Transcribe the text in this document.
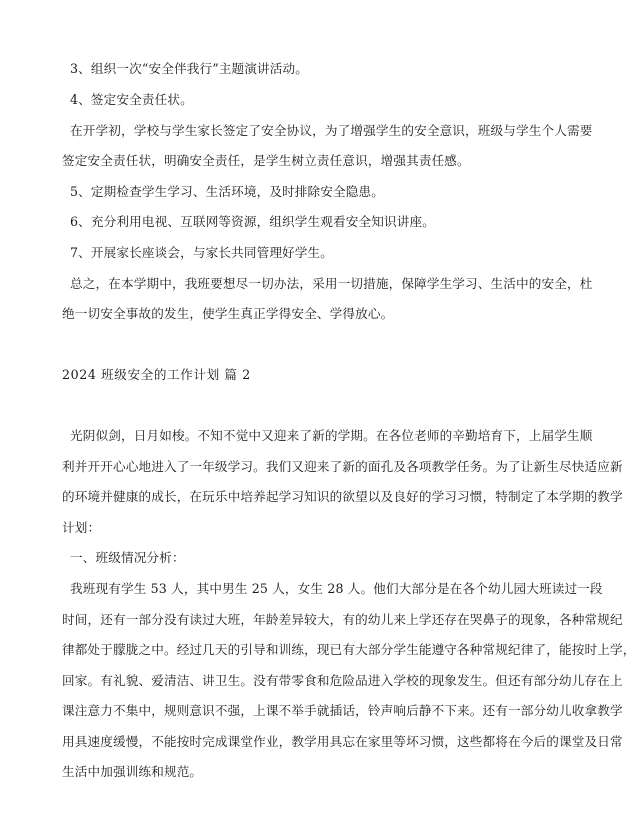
3、组织一次“安全伴我行”主题演讲活动。
4、签定安全责任状。
在开学初，学校与学生家长签定了安全协议，为了增强学生的安全意识，班级与学生个人需要
签定安全责任状，明确安全责任，是学生树立责任意识，增强其责任感。
5、定期检查学生学习、生活环境，及时排除安全隐患。
6、充分利用电视、互联网等资源，组织学生观看安全知识讲座。
7、开展家长座谈会，与家长共同管理好学生。
总之，在本学期中，我班要想尽一切办法，采用一切措施，保障学生学习、生活中的安全，杜
绝一切安全事故的发生，使学生真正学得安全、学得放心。
2024 班级安全的工作计划 篇 2
光阴似剑，日月如梭。不知不觉中又迎来了新的学期。在各位老师的辛勤培育下，上届学生顺
利并开开心心地进入了一年级学习。我们又迎来了新的面孔及各项教学任务。为了让新生尽快适应新
的环境并健康的成长，在玩乐中培养起学习知识的欲望以及良好的学习习惯，特制定了本学期的教学
计划：
一、班级情况分析：
我班现有学生 53 人，其中男生 25 人，女生 28 人。他们大部分是在各个幼儿园大班读过一段
时间，还有一部分没有读过大班，年龄差异较大，有的幼儿来上学还存在哭鼻子的现象，各种常规纪
律都处于朦胧之中。经过几天的引导和训练，现已有大部分学生能遵守各种常规纪律了，能按时上学，
回家。有礼貌、爱清洁、讲卫生。没有带零食和危险品进入学校的现象发生。但还有部分幼儿存在上
课注意力不集中，规则意识不强，上课不举手就插话，铃声响后静不下来。还有一部分幼儿收拿教学
用具速度缓慢，不能按时完成课堂作业，教学用具忘在家里等坏习惯，这些都将在今后的课堂及日常
生活中加强训练和规范。
